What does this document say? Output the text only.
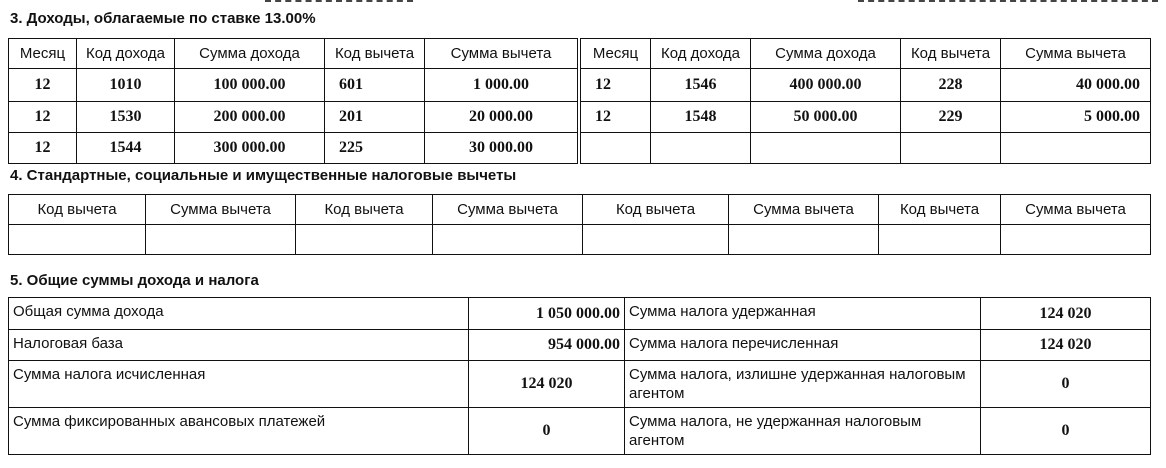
3. Доходы, облагаемые по ставке 13.00%
Месяц	Код дохода	Сумма дохода	Код вычета	Сумма вычета
12	1010	100 000.00	601	1 000.00
12	1530	200 000.00	201	20 000.00
12	1544	300 000.00	225	30 000.00
Месяц	Код дохода	Сумма дохода	Код вычета	Сумма вычета
12	1546	400 000.00	228	40 000.00
12	1548	50 000.00	229	5 000.00

4. Стандартные, социальные и имущественные налоговые вычеты
Код вычета	Сумма вычета	Код вычета	Сумма вычета	Код вычета	Сумма вычета	Код вычета	Сумма вычета

5. Общие суммы дохода и налога
Общая сумма дохода	1 050 000.00	Сумма налога удержанная	124 020
Налоговая база	954 000.00	Сумма налога перечисленная	124 020
Сумма налога исчисленная	124 020	Сумма налога, излишне удержанная налоговым агентом	0
Сумма фиксированных авансовых платежей	0	Сумма налога, не удержанная налоговым агентом	0
